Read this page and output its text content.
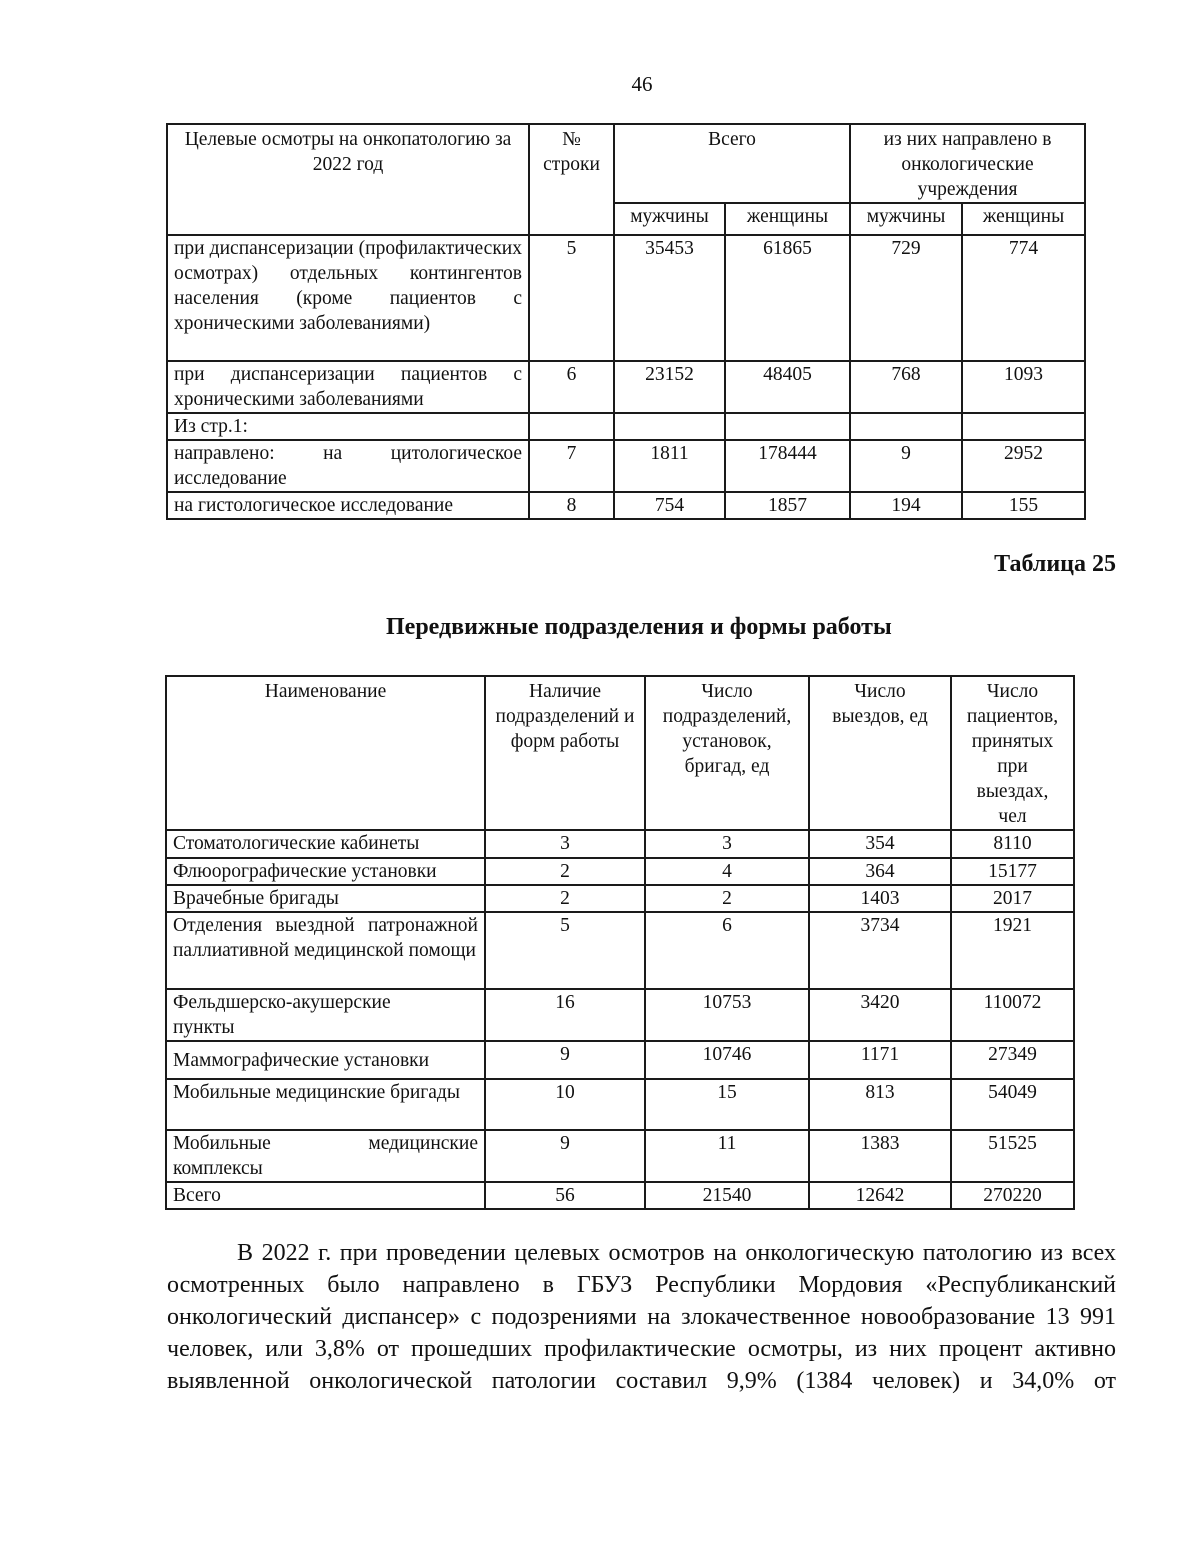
46
Целевые осмотры на онкопатологию за 2022 год	№ строки	Всего		из них направлено в онкологические учреждения	
		мужчины	женщины	мужчины	женщины
при диспансеризации (профилактических осмотрах) отдельных контингентов населения (кроме пациентов с хроническими заболеваниями)	5	35453	61865	729	774
при диспансеризации пациентов с хроническими заболеваниями	6	23152	48405	768	1093
Из стр.1:					
направлено: на цитологическое исследование	7	1811	178444	9	2952
на гистологическое исследование	8	754	1857	194	155
Таблица 25
Передвижные подразделения и формы работы
Наименование	Наличие подразделений и форм работы	Число подразделений, установок, бригад, ед	Число выездов, ед	Число пациентов, принятых при выездах, чел
Стоматологические кабинеты	3	3	354	8110
Флюорографические установки	2	4	364	15177
Врачебные бригады	2	2	1403	2017
Отделения выездной патронажной паллиативной медицинской помощи	5	6	3734	1921
Фельдшерско-акушерские пункты	16	10753	3420	110072
Маммографические установки	9	10746	1171	27349
Мобильные медицинские бригады	10	15	813	54049
Мобильные медицинские комплексы	9	11	1383	51525
Всего	56	21540	12642	270220

В 2022 г. при проведении целевых осмотров на онкологическую патологию из всех осмотренных было направлено в ГБУЗ Республики Мордовия «Республиканский онкологический диспансер» с подозрениями на злокачественное новообразование 13 991 человек, или 3,8% от прошедших профилактические осмотры, из них процент активно выявленной онкологической патологии составил 9,9% (1384 человек) и 34,0% от
